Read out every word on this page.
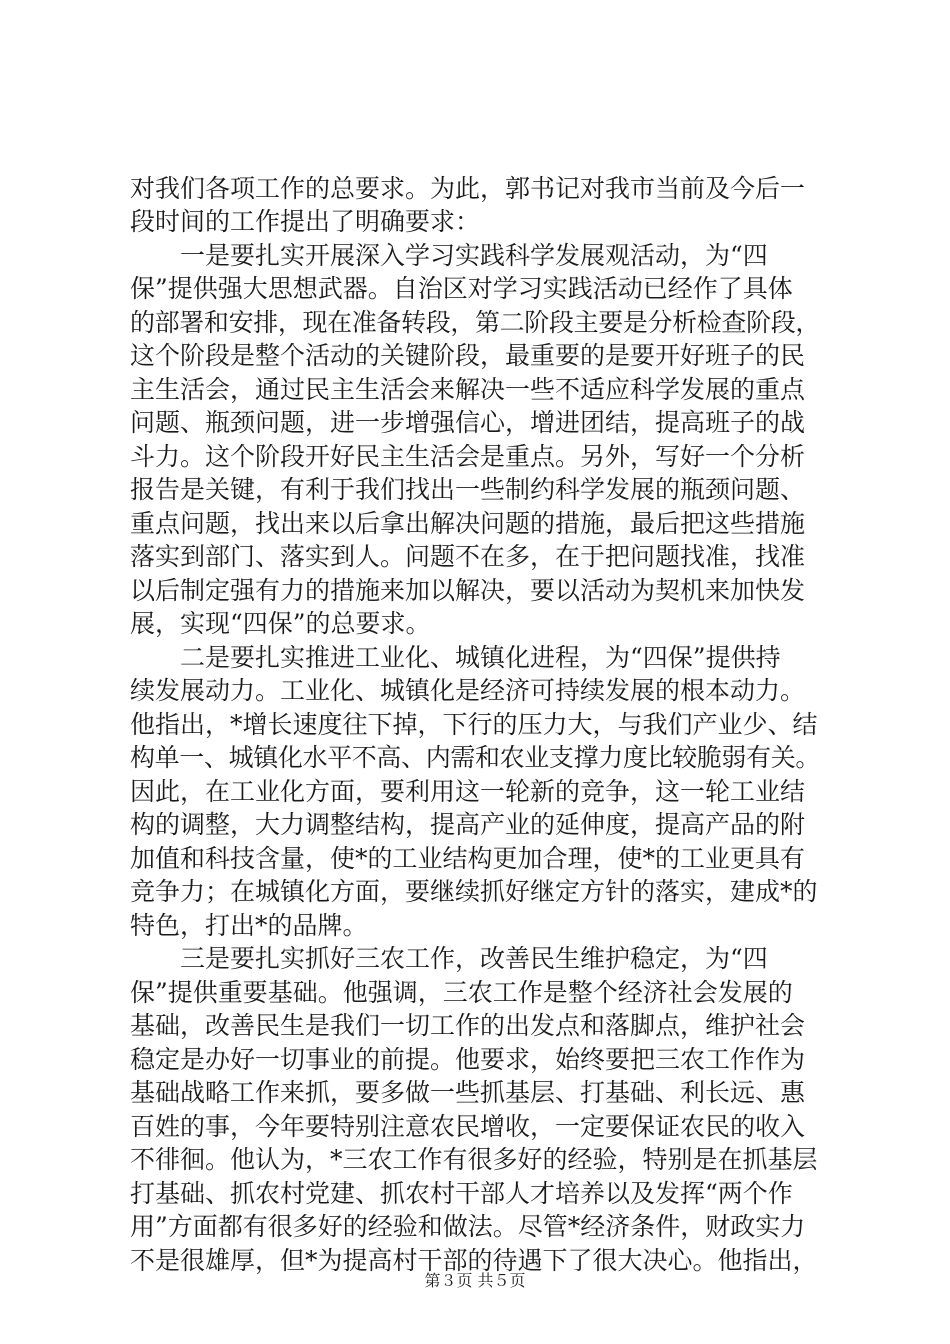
对我们各项工作的总要求。为此，郭书记对我市当前及今后一
段时间的工作提出了明确要求：
　　一是要扎实开展深入学习实践科学发展观活动，为“四
保”提供强大思想武器。自治区对学习实践活动已经作了具体
的部署和安排，现在准备转段，第二阶段主要是分析检查阶段，
这个阶段是整个活动的关键阶段，最重要的是要开好班子的民
主生活会，通过民主生活会来解决一些不适应科学发展的重点
问题、瓶颈问题，进一步增强信心，增进团结，提高班子的战
斗力。这个阶段开好民主生活会是重点。另外，写好一个分析
报告是关键，有利于我们找出一些制约科学发展的瓶颈问题、
重点问题，找出来以后拿出解决问题的措施，最后把这些措施
落实到部门、落实到人。问题不在多，在于把问题找准，找准
以后制定强有力的措施来加以解决，要以活动为契机来加快发
展，实现“四保”的总要求。
　　二是要扎实推进工业化、城镇化进程，为“四保”提供持
续发展动力。工业化、城镇化是经济可持续发展的根本动力。
他指出，*增长速度往下掉，下行的压力大，与我们产业少、结
构单一、城镇化水平不高、内需和农业支撑力度比较脆弱有关。
因此，在工业化方面，要利用这一轮新的竞争，这一轮工业结
构的调整，大力调整结构，提高产业的延伸度，提高产品的附
加值和科技含量，使*的工业结构更加合理，使*的工业更具有
竞争力；在城镇化方面，要继续抓好继定方针的落实，建成*的
特色，打出*的品牌。
　　三是要扎实抓好三农工作，改善民生维护稳定，为“四
保”提供重要基础。他强调，三农工作是整个经济社会发展的
基础，改善民生是我们一切工作的出发点和落脚点，维护社会
稳定是办好一切事业的前提。他要求，始终要把三农工作作为
基础战略工作来抓，要多做一些抓基层、打基础、利长远、惠
百姓的事，今年要特别注意农民增收，一定要保证农民的收入
不徘徊。他认为，*三农工作有很多好的经验，特别是在抓基层
打基础、抓农村党建、抓农村干部人才培养以及发挥“两个作
用”方面都有很多好的经验和做法。尽管*经济条件，财政实力
不是很雄厚，但*为提高村干部的待遇下了很大决心。他指出，
第３页 共５页
